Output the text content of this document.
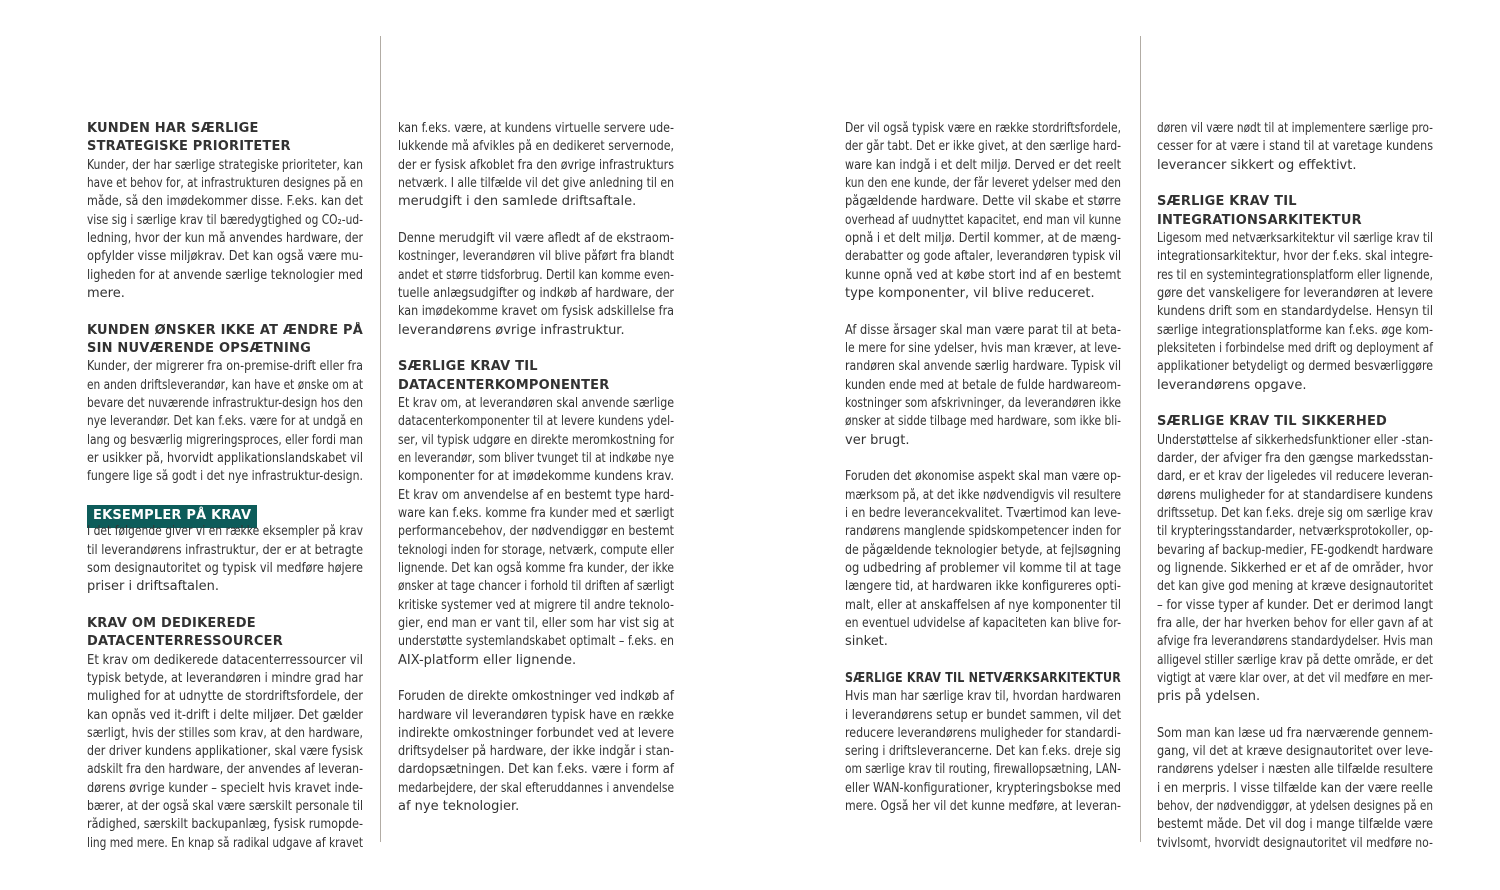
KUNDEN HAR SÆRLIGE
STRATEGISKE PRIORITETER
Kunder, der har særlige strategiske prioriteter, kan
have et behov for, at infrastrukturen designes på en
måde, så den imødekommer disse. F.eks. kan det
vise sig i særlige krav til bæredygtighed og CO₂-ud-
ledning, hvor der kun må anvendes hardware, der
opfylder visse miljøkrav. Det kan også være mu-
ligheden for at anvende særlige teknologier med
mere.
KUNDEN ØNSKER IKKE AT ÆNDRE PÅ
SIN NUVÆRENDE OPSÆTNING
Kunder, der migrerer fra on-premise-drift eller fra
en anden driftsleverandør, kan have et ønske om at
bevare det nuværende infrastruktur-design hos den
nye leverandør. Det kan f.eks. være for at undgå en
lang og besværlig migreringsproces, eller fordi man
er usikker på, hvorvidt applikationslandskabet vil
fungere lige så godt i det nye infrastruktur-design.
EKSEMPLER PÅ KRAV
I det følgende giver vi en række eksempler på krav
til leverandørens infrastruktur, der er at betragte
som designautoritet og typisk vil medføre højere
priser i driftsaftalen.
KRAV OM DEDIKEREDE
DATACENTERRESSOURCER
Et krav om dedikerede datacenterressourcer vil
typisk betyde, at leverandøren i mindre grad har
mulighed for at udnytte de stordriftsfordele, der
kan opnås ved it-drift i delte miljøer. Det gælder
særligt, hvis der stilles som krav, at den hardware,
der driver kundens applikationer, skal være fysisk
adskilt fra den hardware, der anvendes af leveran-
dørens øvrige kunder – specielt hvis kravet inde-
bærer, at der også skal være særskilt personale til
rådighed, særskilt backupanlæg, fysisk rumopde-
ling med mere. En knap så radikal udgave af kravet
kan f.eks. være, at kundens virtuelle servere ude-
lukkende må afvikles på en dedikeret servernode,
der er fysisk afkoblet fra den øvrige infrastrukturs
netværk. I alle tilfælde vil det give anledning til en
merudgift i den samlede driftsaftale.
Denne merudgift vil være afledt af de ekstraom-
kostninger, leverandøren vil blive påført fra blandt
andet et større tidsforbrug. Dertil kan komme even-
tuelle anlægsudgifter og indkøb af hardware, der
kan imødekomme kravet om fysisk adskillelse fra
leverandørens øvrige infrastruktur.
SÆRLIGE KRAV TIL
DATACENTERKOMPONENTER
Et krav om, at leverandøren skal anvende særlige
datacenterkomponenter til at levere kundens ydel-
ser, vil typisk udgøre en direkte meromkostning for
en leverandør, som bliver tvunget til at indkøbe nye
komponenter for at imødekomme kundens krav.
Et krav om anvendelse af en bestemt type hard-
ware kan f.eks. komme fra kunder med et særligt
performancebehov, der nødvendiggør en bestemt
teknologi inden for storage, netværk, compute eller
lignende. Det kan også komme fra kunder, der ikke
ønsker at tage chancer i forhold til driften af særligt
kritiske systemer ved at migrere til andre teknolo-
gier, end man er vant til, eller som har vist sig at
understøtte systemlandskabet optimalt – f.eks. en
AIX-platform eller lignende.
Foruden de direkte omkostninger ved indkøb af
hardware vil leverandøren typisk have en række
indirekte omkostninger forbundet ved at levere
driftsydelser på hardware, der ikke indgår i stan-
dardopsætningen. Det kan f.eks. være i form af
medarbejdere, der skal efteruddannes i anvendelse
af nye teknologier.
Der vil også typisk være en række stordriftsfordele,
der går tabt. Det er ikke givet, at den særlige hard-
ware kan indgå i et delt miljø. Derved er det reelt
kun den ene kunde, der får leveret ydelser med den
pågældende hardware. Dette vil skabe et større
overhead af uudnyttet kapacitet, end man vil kunne
opnå i et delt miljø. Dertil kommer, at de mæng-
derabatter og gode aftaler, leverandøren typisk vil
kunne opnå ved at købe stort ind af en bestemt
type komponenter, vil blive reduceret.
Af disse årsager skal man være parat til at beta-
le mere for sine ydelser, hvis man kræver, at leve-
randøren skal anvende særlig hardware. Typisk vil
kunden ende med at betale de fulde hardwareom-
kostninger som afskrivninger, da leverandøren ikke
ønsker at sidde tilbage med hardware, som ikke bli-
ver brugt.
Foruden det økonomise aspekt skal man være op-
mærksom på, at det ikke nødvendigvis vil resultere
i en bedre leverancekvalitet. Tværtimod kan leve-
randørens manglende spidskompetencer inden for
de pågældende teknologier betyde, at fejlsøgning
og udbedring af problemer vil komme til at tage
længere tid, at hardwaren ikke konfigureres opti-
malt, eller at anskaffelsen af nye komponenter til
en eventuel udvidelse af kapaciteten kan blive for-
sinket.
SÆRLIGE KRAV TIL NETVÆRKSARKITEKTUR
Hvis man har særlige krav til, hvordan hardwaren
i leverandørens setup er bundet sammen, vil det
reducere leverandørens muligheder for standardi-
sering i driftsleverancerne. Det kan f.eks. dreje sig
om særlige krav til routing, firewallopsætning, LAN-
eller WAN-konfigurationer, krypteringsbokse med
mere. Også her vil det kunne medføre, at leveran-
døren vil være nødt til at implementere særlige pro-
cesser for at være i stand til at varetage kundens
leverancer sikkert og effektivt.
SÆRLIGE KRAV TIL
INTEGRATIONSARKITEKTUR
Ligesom med netværksarkitektur vil særlige krav til
integrationsarkitektur, hvor der f.eks. skal integre-
res til en systemintegrationsplatform eller lignende,
gøre det vanskeligere for leverandøren at levere
kundens drift som en standardydelse. Hensyn til
særlige integrationsplatforme kan f.eks. øge kom-
pleksiteten i forbindelse med drift og deployment af
applikationer betydeligt og dermed besværliggøre
leverandørens opgave.
SÆRLIGE KRAV TIL SIKKERHED
Understøttelse af sikkerhedsfunktioner eller -stan-
darder, der afviger fra den gængse markedsstan-
dard, er et krav der ligeledes vil reducere leveran-
dørens muligheder for at standardisere kundens
driftssetup. Det kan f.eks. dreje sig om særlige krav
til krypteringsstandarder, netværksprotokoller, op-
bevaring af backup-medier, FE-godkendt hardware
og lignende. Sikkerhed er et af de områder, hvor
det kan give god mening at kræve designautoritet
– for visse typer af kunder. Det er derimod langt
fra alle, der har hverken behov for eller gavn af at
afvige fra leverandørens standardydelser. Hvis man
alligevel stiller særlige krav på dette område, er det
vigtigt at være klar over, at det vil medføre en mer-
pris på ydelsen.
Som man kan læse ud fra nærværende gennem-
gang, vil det at kræve designautoritet over leve-
randørens ydelser i næsten alle tilfælde resultere
i en merpris. I visse tilfælde kan der være reelle
behov, der nødvendiggør, at ydelsen designes på en
bestemt måde. Det vil dog i mange tilfælde være
tvivlsomt, hvorvidt designautoritet vil medføre no-
